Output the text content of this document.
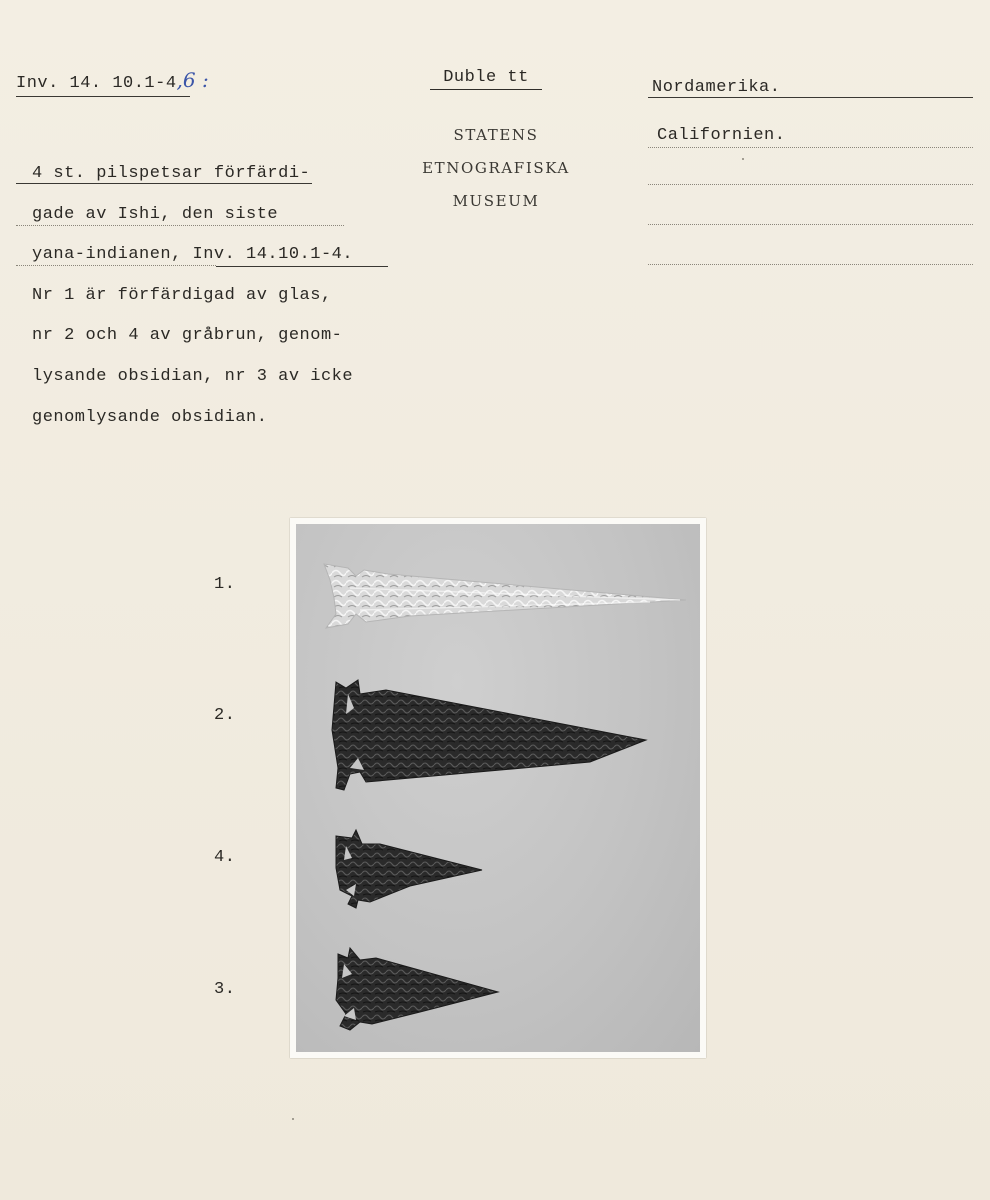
Inv. 14. 10.1-4,6 :	Duble tt
STATENS
ETNOGRAFISKA
MUSEUM
Nordamerika.
Californien.
4 st. pilspetsar förfärdi-
gade av Ishi, den siste
yana-indianen, Inv. 14.10.1-4.
Nr 1 är förfärdigad av glas,
nr 2 och 4 av gråbrun, genom-
lysande obsidian, nr 3 av icke
genomlysande obsidian.
1.
2.
4.
3.
